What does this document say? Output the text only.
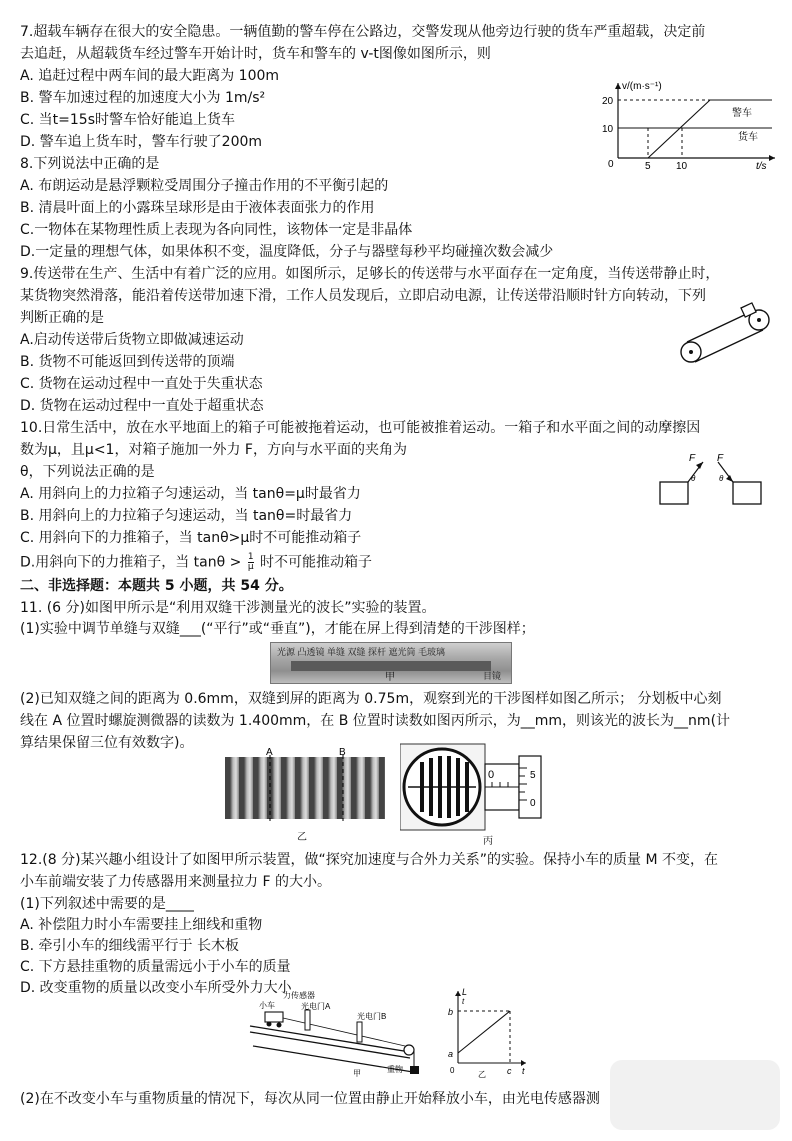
7.超载车辆存在很大的安全隐患。一辆值勤的警车停在公路边，交警发现从他旁边行驶的货车严重超载，决定前
去追赶，从超载货车经过警车开始计时，货车和警车的 v-t图像如图所示，则
A. 追赶过程中两车间的最大距离为 100m
B. 警车加速过程的加速度大小为 1m/s²
C. 当t=15s时警车恰好能追上货车
D. 警车追上货车时，警车行驶了200m
v/(m·s⁻¹)
t/s
20
10
0	5	10
警车
货车
8.下列说法中正确的是
A. 布朗运动是悬浮颗粒受周围分子撞击作用的不平衡引起的
B. 清晨叶面上的小露珠呈球形是由于液体表面张力的作用
C.一物体在某物理性质上表现为各向同性，该物体一定是非晶体
D.一定量的理想气体，如果体积不变，温度降低，分子与器壁每秒平均碰撞次数会减少
9.传送带在生产、生活中有着广泛的应用。如图所示，足够长的传送带与水平面存在一定角度，当传送带静止时，
某货物突然滑落，能沿着传送带加速下滑，工作人员发现后，立即启动电源，让传送带沿顺时针方向转动，下列
判断正确的是
A.启动传送带后货物立即做减速运动
B. 货物不可能返回到传送带的顶端
C. 货物在运动过程中一直处于失重状态
D. 货物在运动过程中一直处于超重状态
10.日常生活中，放在水平地面上的箱子可能被拖着运动，也可能被推着运动。一箱子和水平面之间的动摩擦因
数为μ，且μ<1，对箱子施加一外力 F，方向与水平面的夹角为
θ，下列说法正确的是
A. 用斜向上的力拉箱子匀速运动，当 tanθ=μ时最省力
B. 用斜向上的力拉箱子匀速运动，当 tanθ=时最省力
C. 用斜向下的力推箱子，当 tanθ>μ时不可能推动箱子
D.用斜向下的力推箱子，当 $\tan\theta > \frac{1}{\mu}$ 时不可能推动箱子
F
θ
F
θ
二、非选择题：本题共 5 小题，共 54 分。
11. (6 分)如图甲所示是“利用双缝干涉测量光的波长”实验的装置。
光源 凸透镜 单缝 双缝 探杆 遮光筒 毛玻璃
目镜
(2)已知双缝之间的距离为 0.6mm，双缝到屏的距离为 0.75m，观察到光的干涉图样如图乙所示； 分划板中心刻
线在 A 位置时螺旋测微器的读数为 1.400mm，在 B 位置时读数如图丙所示，为__mm，则该光的波长为__nm(计
算结果保留三位有效数字)。
甲
A	B
乙
0	5
0
丙
12.(8 分)某兴趣小组设计了如图甲所示装置，做“探究加速度与合外力关系”的实验。保持小车的质量 M 不变，在
小车前端安装了力传感器用来测量拉力 F 的大小。
(1)下列叙述中需要的是____
A. 补偿阻力时小车需要挂上细线和重物
B. 牵引小车的细线需平行于 长木板
C. 下方悬挂重物的质量需远小于小车的质量
D. 改变重物的质量以改变小车所受外力大小
小车
力传感器
光电门A
光电门B
重物
甲
L
t
b
a
0	c t
乙
(2)在不改变小车与重物质量的情况下，每次从同一位置由静止开始释放小车，由光电传感器测
(1)实验中调节单缝与双缝___(“平行”或“垂直”)，才能在屏上得到清楚的干涉图样；
